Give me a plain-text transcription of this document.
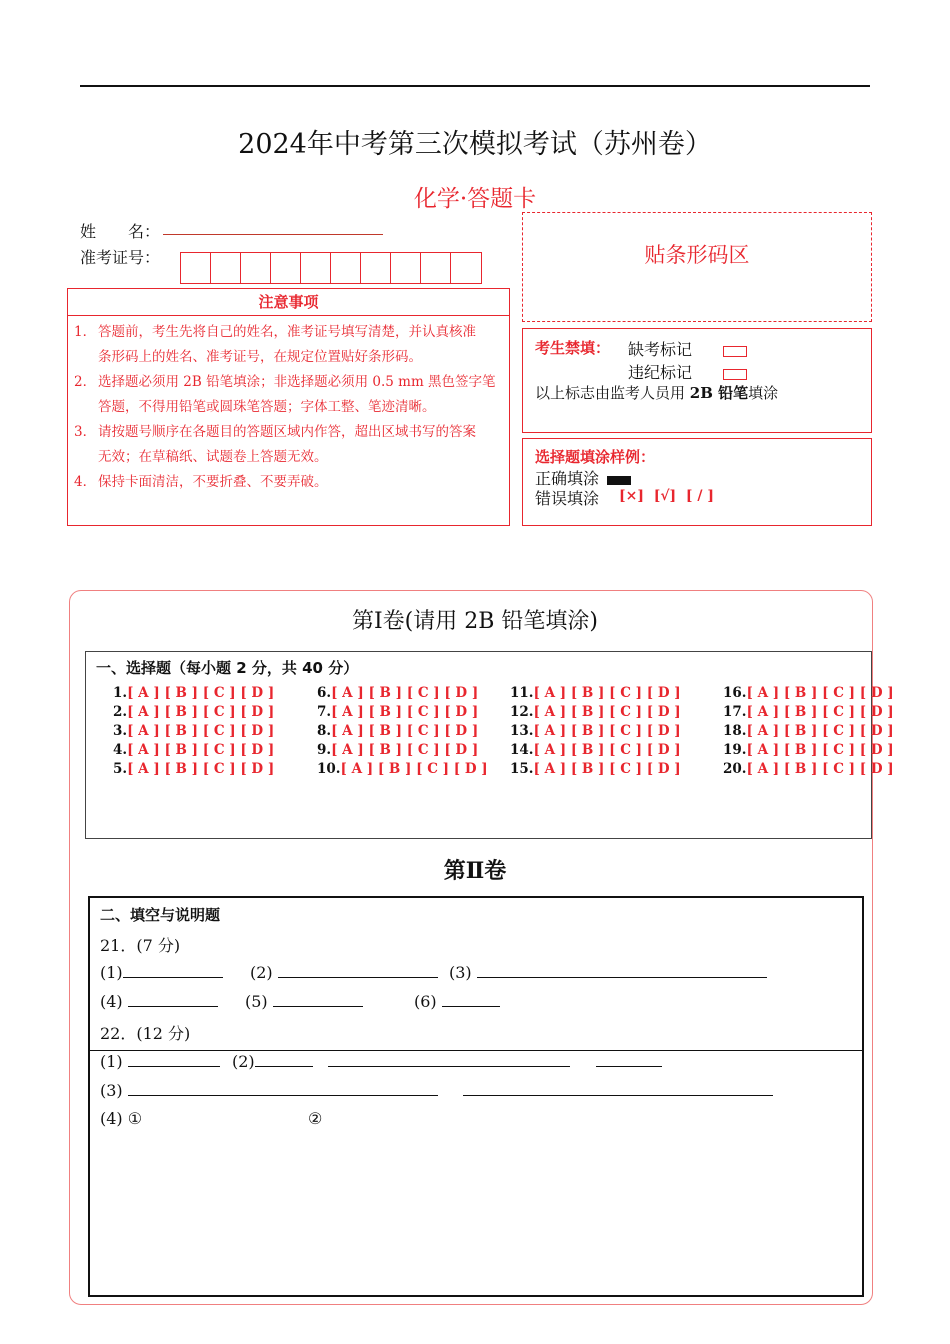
2024年中考第三次模拟考试（苏州卷）
化学·答题卡
姓　　名：
准考证号：
注意事项

1． 答题前，考生先将自己的姓名，准考证号填写清楚，并认真核准

条形码上的姓名、准考证号，在规定位置贴好条形码。

2． 选择题必须用 2B 铅笔填涂；非选择题必须用 0.5 mm 黑色签字笔

答题，不得用铅笔或圆珠笔答题；字体工整、笔迹清晰。

3． 请按题号顺序在各题目的答题区域内作答，超出区域书写的答案

无效；在草稿纸、试题卷上答题无效。

4． 保持卡面清洁，不要折叠、不要弄破。

贴条形码区
考生禁填： 缺考标记
违纪标记
以上标志由监考人员用 2B 铅笔填涂
选择题填涂样例：
正确填涂
错误填涂 [×]  [√]  [ / ]
第Ⅰ卷(请用 2B 铅笔填涂)
一、选择题（每小题 2 分，共 40 分）
1.[ A ] [ B ] [ C ] [ D ]
2.[ A ] [ B ] [ C ] [ D ]
3.[ A ] [ B ] [ C ] [ D ]
4.[ A ] [ B ] [ C ] [ D ]
5.[ A ] [ B ] [ C ] [ D ]
6.[ A ] [ B ] [ C ] [ D ]
7.[ A ] [ B ] [ C ] [ D ]
8.[ A ] [ B ] [ C ] [ D ]
9.[ A ] [ B ] [ C ] [ D ]
10.[ A ] [ B ] [ C ] [ D ]
11.[ A ] [ B ] [ C ] [ D ]
12.[ A ] [ B ] [ C ] [ D ]
13.[ A ] [ B ] [ C ] [ D ]
14.[ A ] [ B ] [ C ] [ D ]
15.[ A ] [ B ] [ C ] [ D ]
16.[ A ] [ B ] [ C ] [ D ]
17.[ A ] [ B ] [ C ] [ D ]
18.[ A ] [ B ] [ C ] [ D ]
19.[ A ] [ B ] [ C ] [ D ]
20.[ A ] [ B ] [ C ] [ D ]
第Ⅱ卷
二、填空与说明题
21．(7 分)
(1)	(2)	(3)
(4)	(5)	(6)
22．(12 分)
(1)	(2)
(3)
(4) ①	②
